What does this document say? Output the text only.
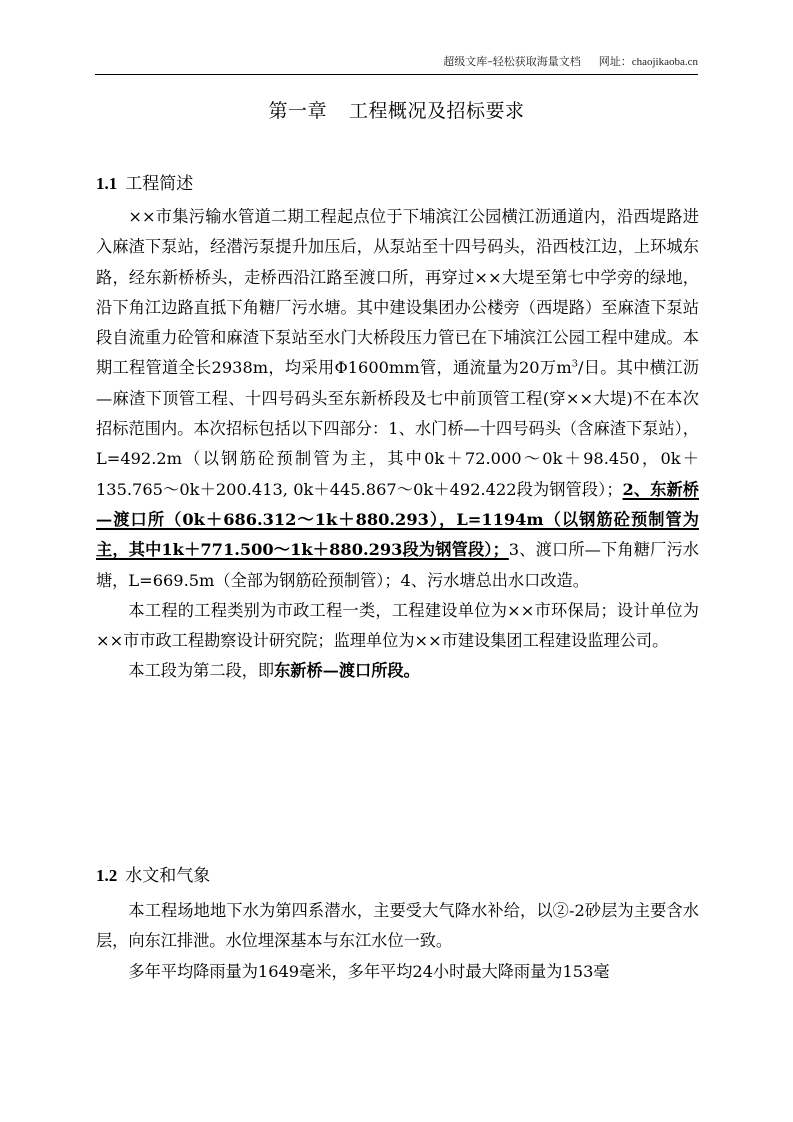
超级文库–轻松获取海量文档 网址：chaojikaoba.cn
第一章 工程概况及招标要求
1.1 工程简述

××市集污输水管道二期工程起点位于下埔滨江公园横江沥通道内，沿西堤路进入麻渣下泵站，经潜污泵提升加压后，从泵站至十四号码头，沿西枝江边，上环城东路，经东新桥桥头，走桥西沿江路至渡口所，再穿过××大堤至第七中学旁的绿地，沿下角江边路直抵下角糖厂污水塘。其中建设集团办公楼旁（西堤路）至麻渣下泵站段自流重力砼管和麻渣下泵站至水门大桥段压力管已在下埔滨江公园工程中建成。本期工程管道全长2938m，均采用Φ1600mm管，通流量为20万$m^3/$日。其中横江沥—麻渣下顶管工程、十四号码头至东新桥段及七中前顶管工程(穿××大堤)不在本次招标范围内。本次招标包括以下四部分：1、水门桥—十四号码头（含麻渣下泵站），L=492.2m（以钢筋砼预制管为主，其中0k＋72.000～0k＋98.450，0k＋135.765～0k＋200.413, 0k＋445.867～0k＋492.422段为钢管段）；2、东新桥—渡口所（0k＋686.312～1k＋880.293），L=1194m（以钢筋砼预制管为主，其中1k＋771.500～1k＋880.293段为钢管段）；3、渡口所—下角糖厂污水塘，L=669.5m（全部为钢筋砼预制管）；4、污水塘总出水口改造。

本工程的工程类别为市政工程一类，工程建设单位为××市环保局；设计单位为××市市政工程勘察设计研究院；监理单位为××市建设集团工程建设监理公司。

本工段为第二段，即东新桥—渡口所段。

1.2 水文和气象

本工程场地地下水为第四系潜水，主要受大气降水补给，以②-2砂层为主要含水层，向东江排泄。水位埋深基本与东江水位一致。

多年平均降雨量为1649毫米，多年平均24小时最大降雨量为153毫
